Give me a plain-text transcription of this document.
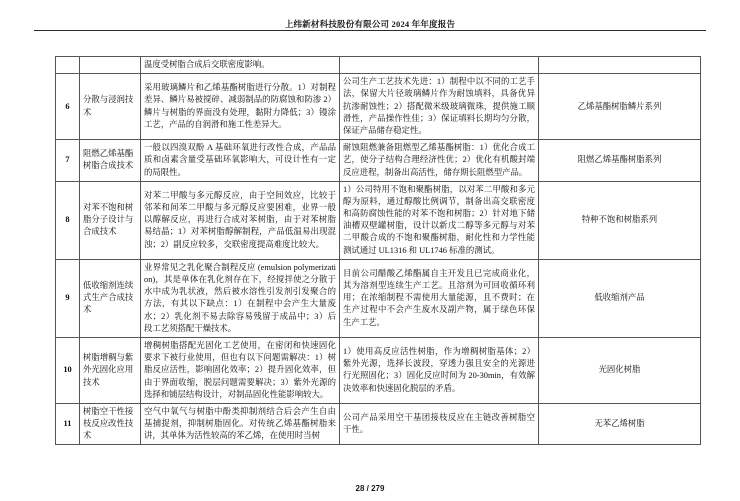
上纬新材科技股份有限公司 2024 年年度报告
		温度受树脂合成后交联密度影响。		
6	分散与浸润技术	采用玻璃鳞片和乙烯基酯树脂进行分散。1）对制程差异、鳞片易被搅碎、减弱制品的防腐蚀和防渗 2）鳞片与树脂的界面没有处理，黏附力降低；3）镘涂工艺，产品的自润滑和施工性差异大。	公司生产工艺技术先进：1）制程中以不同的工艺手法，保留大片径玻璃鳞片作为耐蚀填料，具备优异抗渗耐蚀性；2）搭配微米级玻璃微珠，提供施工顺滑性，产品操作性佳；3）保证填料长期均匀分散，保证产品储存稳定性。	乙烯基酯树脂鳞片系列
7	阻燃乙烯基酯树脂合成技术	一般以四溴双酚 A 基础环氧进行改性合成，产品品质和卤素含量受基础环氧影响大，可设计性有一定的局限性。	耐蚀阻燃兼备阻燃型乙烯基酯树脂：1）优化合成工艺，使分子结构合理经济性优；2）优化有机酸封端反应进程，制备出高活性，储存期长阻燃型产品。	阻燃乙烯基酯树脂系列
8	对苯不饱和树脂分子设计与合成技术	对苯二甲酸与多元醇反应，由于空间效应，比较于邻苯和间苯二甲酸与多元醇反应要困难，业界一般以醇解反应，再进行合成对苯树脂，由于对苯树脂易结晶；1）对苯树脂醇解制程，产品低温易出现混浊；2）副反应较多，交联密度提高难度比较大。	1）公司特用不饱和聚酯树脂，以对苯二甲酸和多元醇为原料，通过醇酸比例调节，制备出高交联密度和高防腐蚀性能的对苯不饱和树脂；2）针对地下储油槽双壁罐树脂，设计以新戊二醇等多元醇与对苯二甲酸合成的不饱和聚酯树脂，耐化性和力学性能测试通过 UL1316 和 UL1746 标准的测试。	特种不饱和树脂系列
9	低收缩剂连续式生产合成技术	业界常见之乳化聚合制程反应 (emulsion polymerization)，其是单体在乳化剂存在下，经搅拌使之分散于水中成为乳状液，然后被水溶性引发剂引发聚合的方法，有其以下缺点：1）在制程中会产生大量废水；2）乳化剂不易去除容易残留于成品中；3）后段工艺须搭配干燥技术。	目前公司醋酸乙烯酯属自主开发且已完成商业化，其为溶剂型连续生产工艺。且溶剂为可回收循环利用；在浓缩制程不需使用大量能源，且不费时；在生产过程中不会产生废水及副产物，属于绿色环保生产工艺。	低收缩剂产品
10	树脂增稠与紫外光固化应用技术	增稠树脂搭配光固化工艺使用，在密闭和快速固化要求下被行业使用，但也有以下问题需解决：1）树脂反应活性，影响固化效率；2）提升固化效率，但由于界面收缩，脱层问题需要解决；3）紫外光源的选择和铺层结构设计，对制品固化性能影响较大。	1）使用高反应活性树脂，作为增稠树脂基体；2）紫外光源，选择长波段，穿透力强且安全的光源进行光照固化；3）固化反应时间为 20-30min，有效解决效率和快速固化脱层的矛盾。	光固化树脂
11	树脂空干性接枝反应改性技术	空气中氧气与树脂中酚类抑制剂结合后会产生自由基捕捉剂，抑制树脂固化。对传统乙烯基酯树脂来讲，其单体为活性较高的苯乙烯，在使用时当树	公司产品采用空干基团接枝反应在主链改善树脂空干性。	无苯乙烯树脂
28 / 279
